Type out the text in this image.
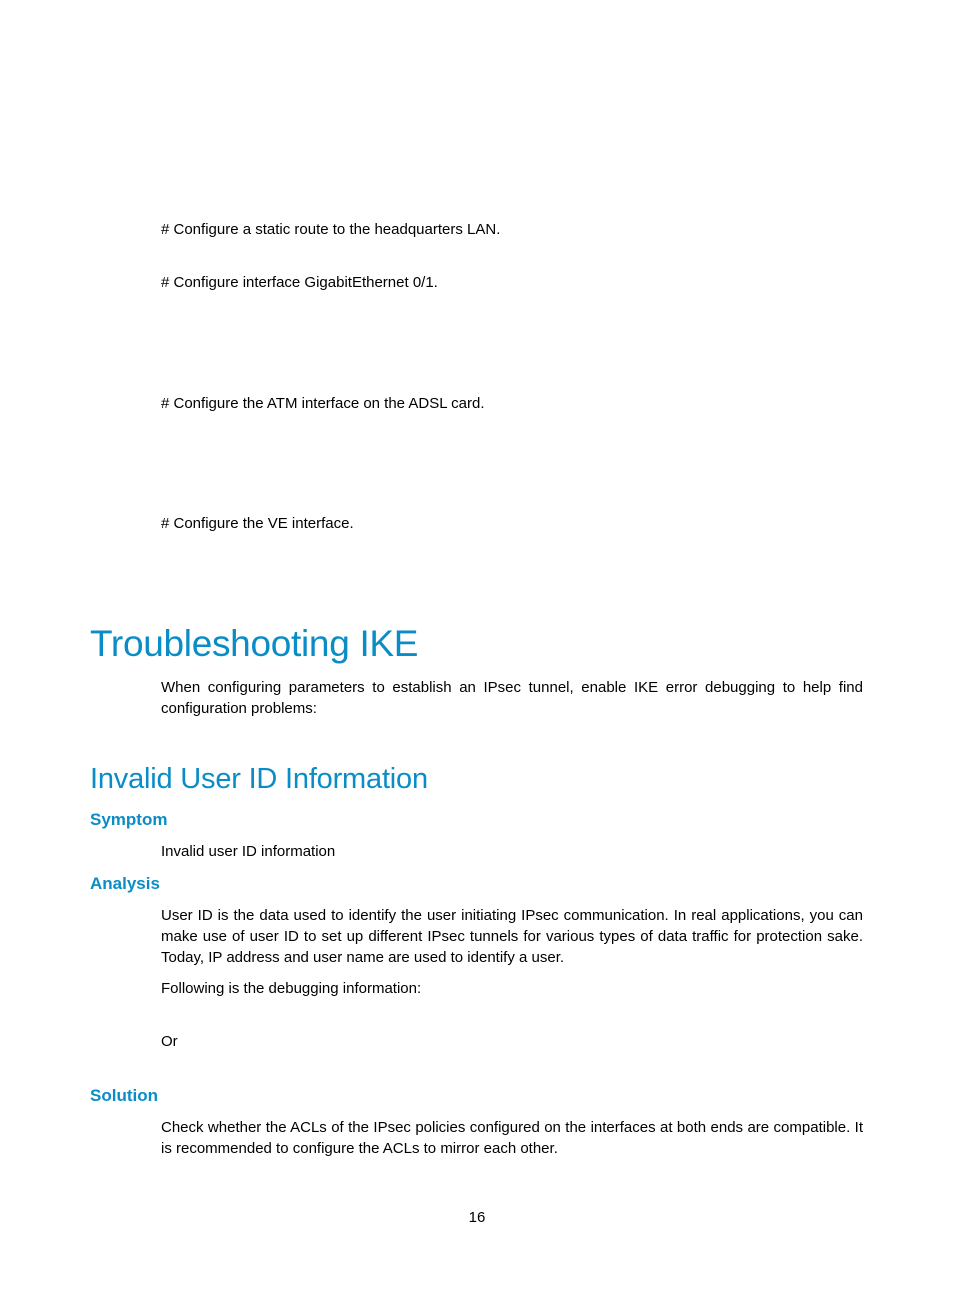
# Configure a static route to the headquarters LAN.
# Configure interface GigabitEthernet 0/1.
# Configure the ATM interface on the ADSL card.
# Configure the VE interface.
Troubleshooting IKE

When configuring parameters to establish an IPsec tunnel, enable IKE error debugging to help find configuration problems:

Invalid User ID Information
Symptom

Invalid user ID information

Analysis

User ID is the data used to identify the user initiating IPsec communication. In real applications, you can make use of user ID to set up different IPsec tunnels for various types of data traffic for protection sake. Today, IP address and user name are used to identify a user.

Following is the debugging information:

Or

Solution

Check whether the ACLs of the IPsec policies configured on the interfaces at both ends are compatible. It is recommended to configure the ACLs to mirror each other.

16
